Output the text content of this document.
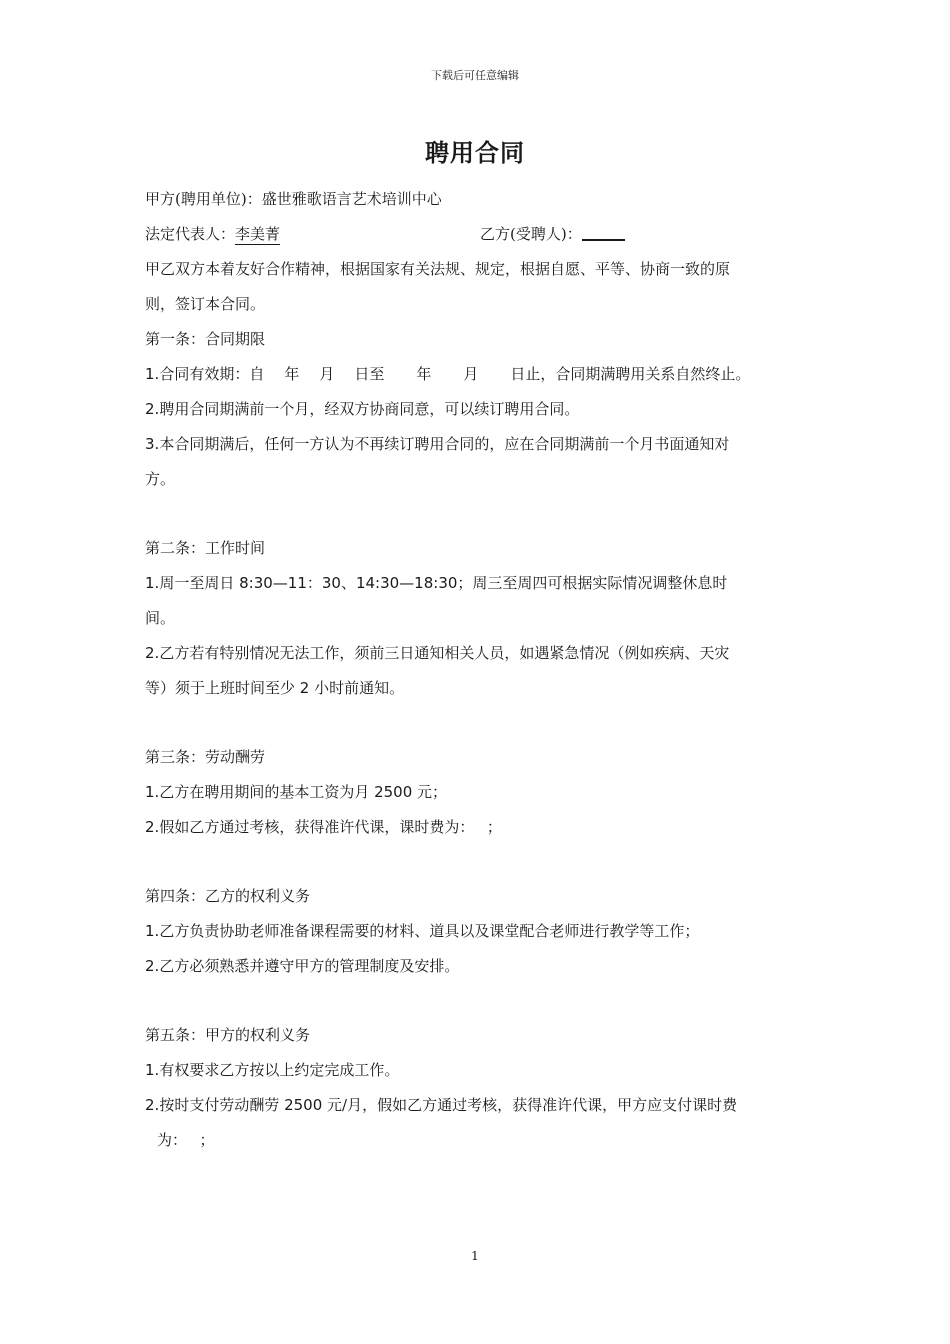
下载后可任意编辑
聘用合同
甲方(聘用单位)：盛世雅歌语言艺术培训中心
法定代表人：李美菁	乙方(受聘人)：
甲乙双方本着友好合作精神，根据国家有关法规、规定，根据自愿、平等、协商一致的原
则，签订本合同。
第一条：合同期限
1.合同有效期：自 年 月 日至 年 月 日止，合同期满聘用关系自然终止。
2.聘用合同期满前一个月，经双方协商同意，可以续订聘用合同。
3.本合同期满后，任何一方认为不再续订聘用合同的，应在合同期满前一个月书面通知对
方。
第二条：工作时间
1.周一至周日 8:30—11：30、14:30—18:30；周三至周四可根据实际情况调整休息时
间。
2.乙方若有特别情况无法工作，须前三日通知相关人员，如遇紧急情况（例如疾病、天灾
等）须于上班时间至少 2 小时前通知。
第三条：劳动酬劳
1.乙方在聘用期间的基本工资为月 2500 元；
2.假如乙方通过考核，获得准许代课，课时费为： ；
第四条：乙方的权利义务
1.乙方负责协助老师准备课程需要的材料、道具以及课堂配合老师进行教学等工作；
2.乙方必须熟悉并遵守甲方的管理制度及安排。
第五条：甲方的权利义务
1.有权要求乙方按以上约定完成工作。
2.按时支付劳动酬劳 2500 元/月，假如乙方通过考核，获得准许代课，甲方应支付课时费
为： ；
1
